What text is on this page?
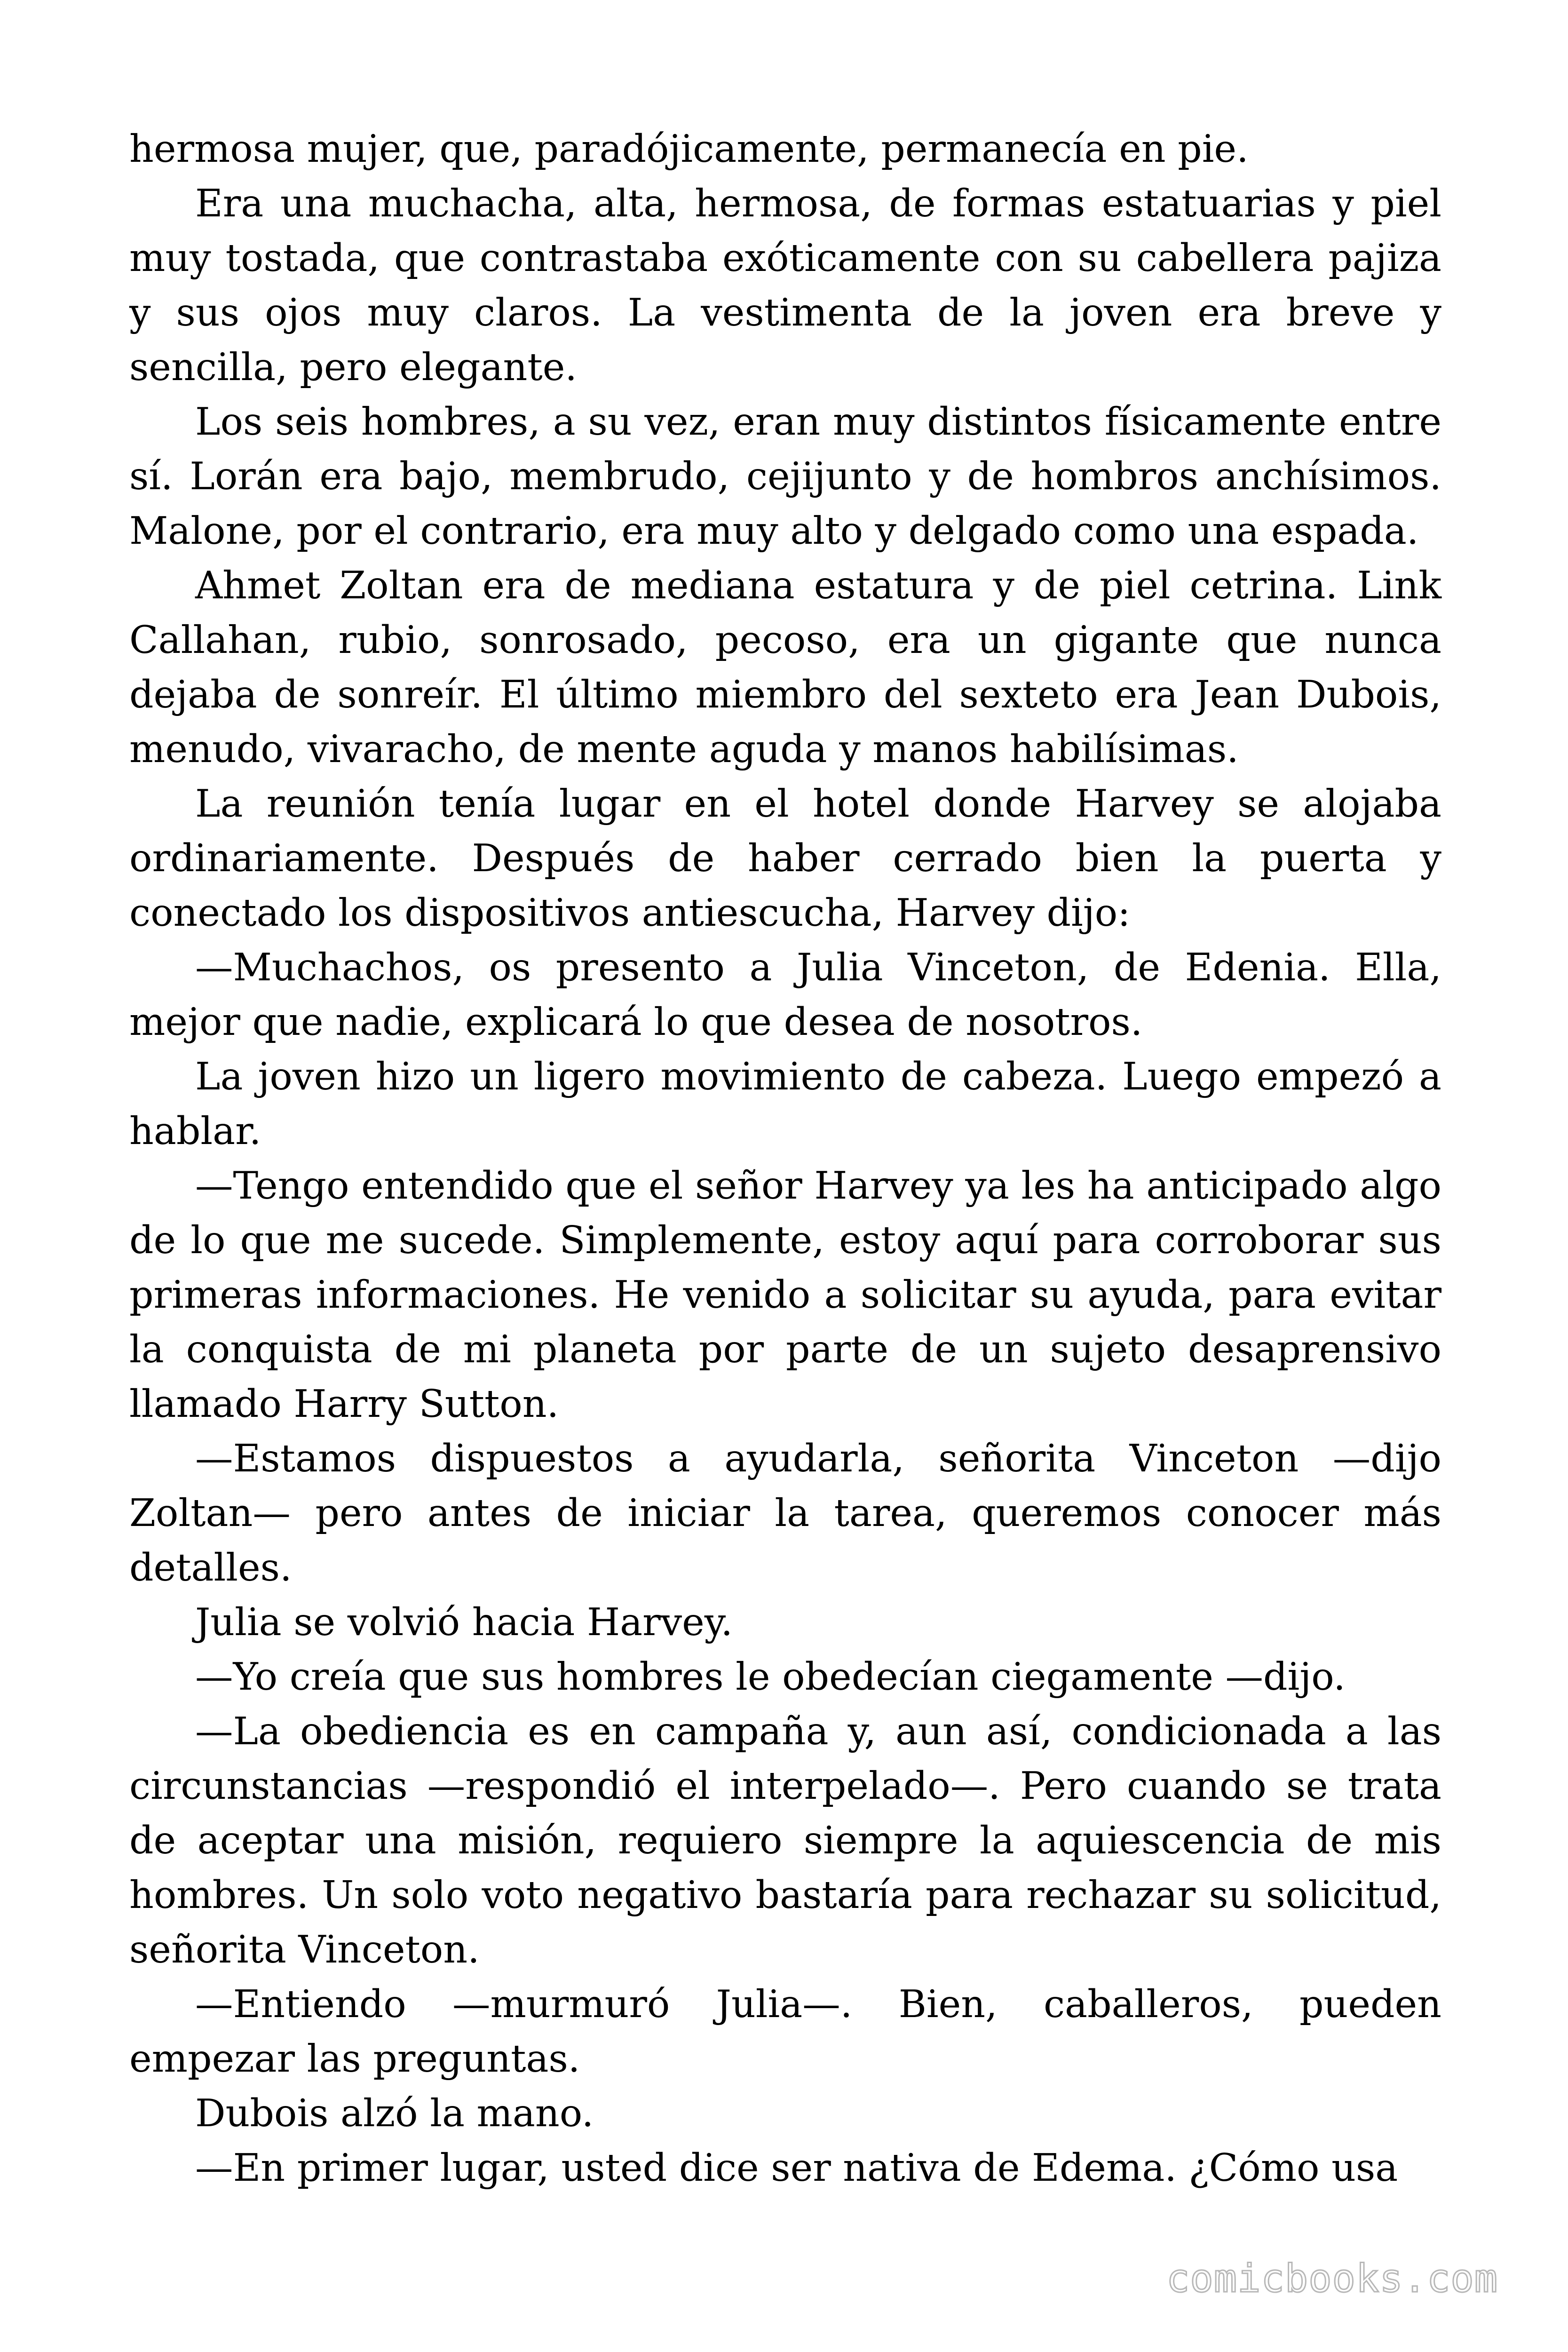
hermosa mujer, que, paradójicamente, permanecía en pie.

Era una muchacha, alta, hermosa, de formas estatuarias y piel muy tostada, que contrastaba exóticamente con su cabellera pajiza y sus ojos muy claros. La vestimenta de la joven era breve y sencilla, pero elegante.

Los seis hombres, a su vez, eran muy distintos físicamente entre sí. Lorán era bajo, membrudo, cejijunto y de hombros anchísimos. Malone, por el contrario, era muy alto y delgado como una espada.

Ahmet Zoltan era de mediana estatura y de piel cetrina. Link Callahan, rubio, sonrosado, pecoso, era un gigante que nunca dejaba de sonreír. El último miembro del sexteto era Jean Dubois, menudo, vivaracho, de mente aguda y manos habilísimas.

La reunión tenía lugar en el hotel donde Harvey se alojaba ordinariamente. Después de haber cerrado bien la puerta y conectado los dispositivos antiescucha, Harvey dijo:

—Muchachos, os presento a Julia Vinceton, de Edenia. Ella, mejor que nadie, explicará lo que desea de nosotros.

La joven hizo un ligero movimiento de cabeza. Luego empezó a hablar.

—Tengo entendido que el señor Harvey ya les ha anticipado algo de lo que me sucede. Simplemente, estoy aquí para corroborar sus primeras informaciones. He venido a solicitar su ayuda, para evitar la conquista de mi planeta por parte de un sujeto desaprensivo llamado Harry Sutton.

—Estamos dispuestos a ayudarla, señorita Vinceton —dijo Zoltan— pero antes de iniciar la tarea, queremos conocer más detalles.

Julia se volvió hacia Harvey.

—Yo creía que sus hombres le obedecían ciegamente —dijo.

—La obediencia es en campaña y, aun así, condicionada a las circunstancias —respondió el interpelado—. Pero cuando se trata de aceptar una misión, requiero siempre la aquiescencia de mis hombres. Un solo voto negativo bastaría para rechazar su solicitud, señorita Vinceton.

—Entiendo —murmuró Julia—. Bien, caballeros, pueden empezar las preguntas.

Dubois alzó la mano.

—En primer lugar, usted dice ser nativa de Edema. ¿Cómo usa

comicbooks.com
